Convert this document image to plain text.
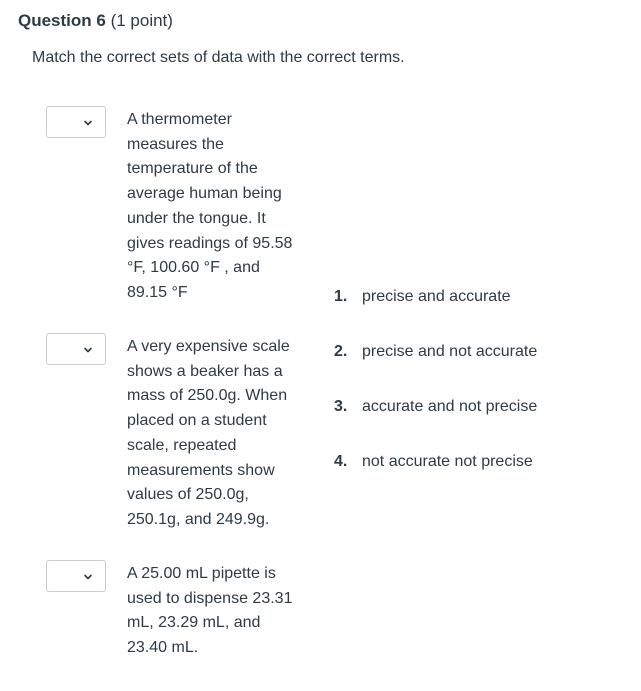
Question 6 (1 point)
Match the correct sets of data with the correct terms.
A thermometer
measures the
temperature of the
average human being
under the tongue. It
gives readings of 95.58
°F, 100.60 °F , and
89.15 °F
A very expensive scale
shows a beaker has a
mass of 250.0g. When
placed on a student
scale, repeated
measurements show
values of 250.0g,
250.1g, and 249.9g.
A 25.00 mL pipette is
used to dispense 23.31
mL, 23.29 mL, and
23.40 mL.
1. precise and accurate
2. precise and not accurate
3. accurate and not precise
4. not accurate not precise
